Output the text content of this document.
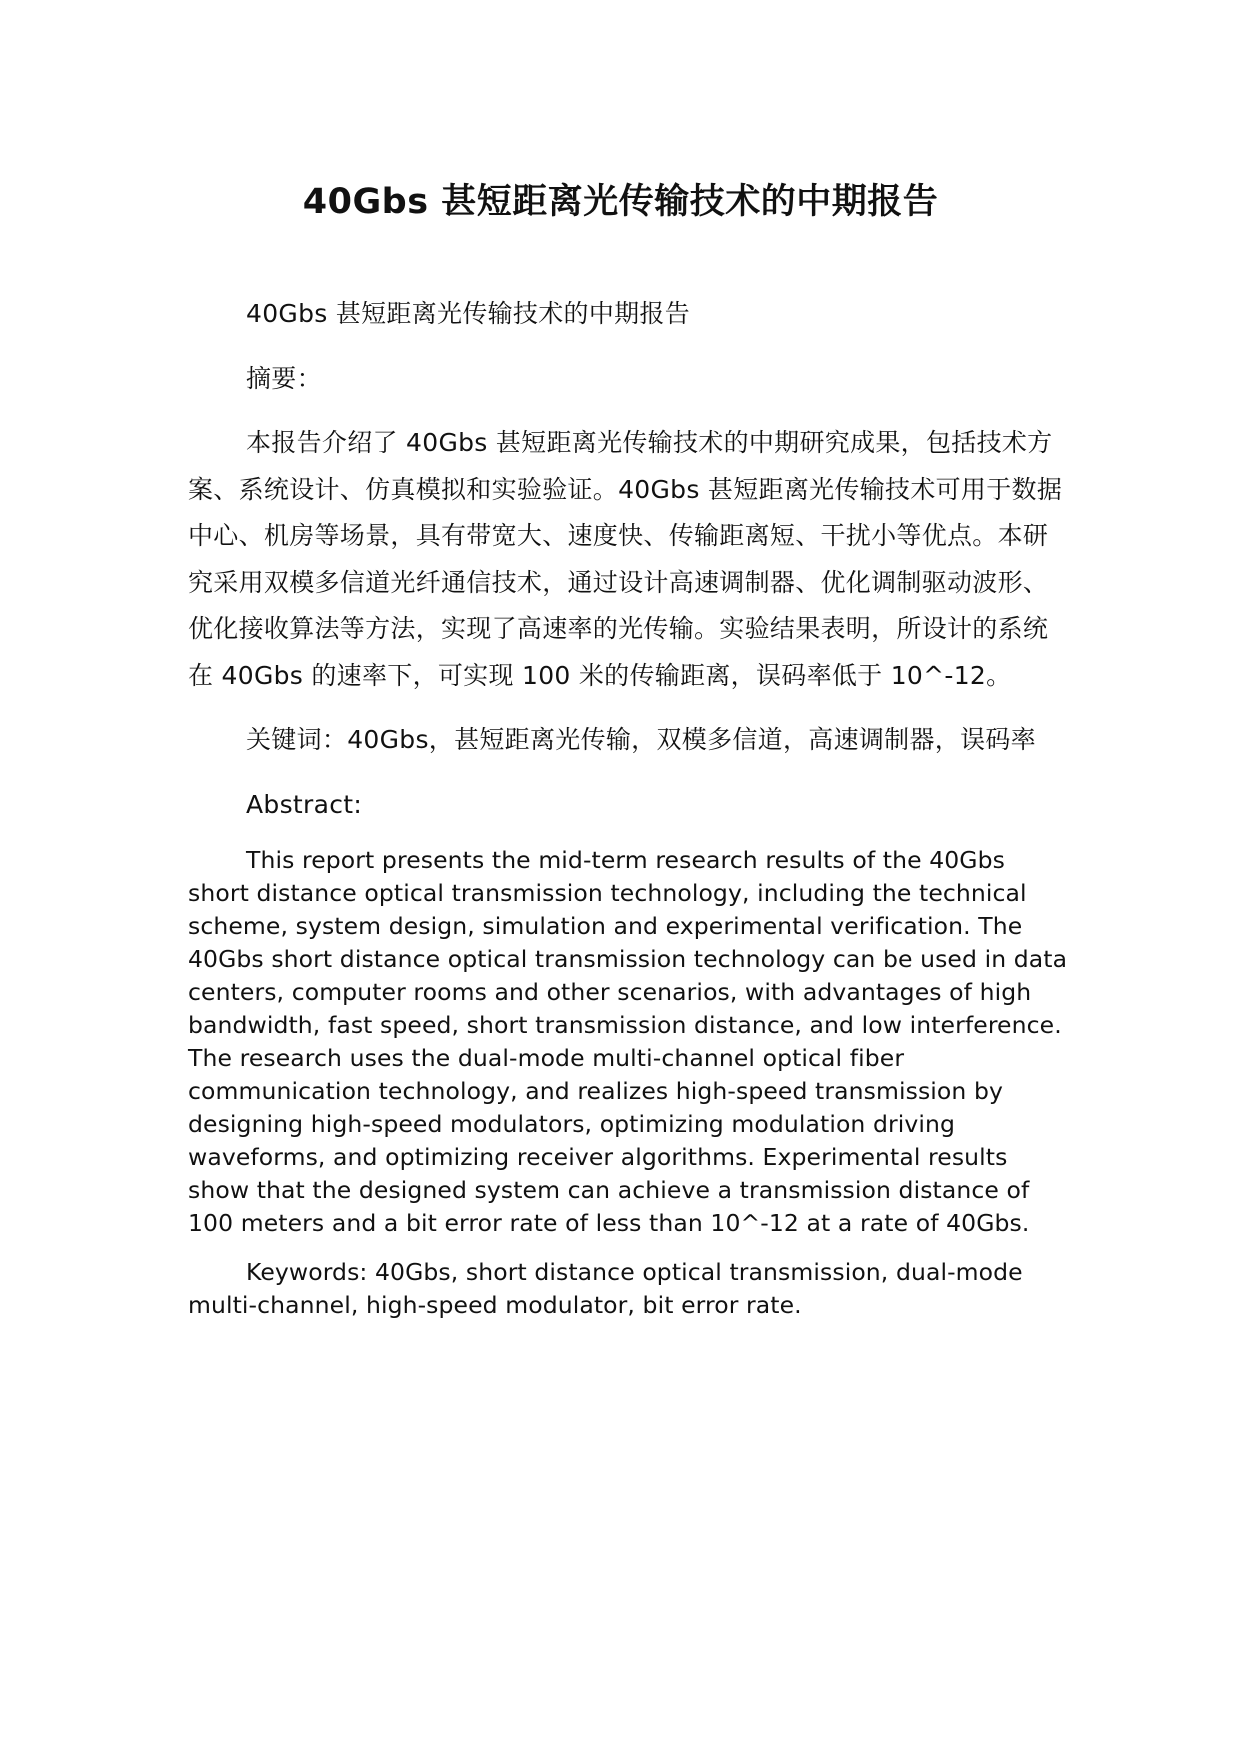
40Gbs 甚短距离光传输技术的中期报告

40Gbs 甚短距离光传输技术的中期报告

摘要：

本报告介绍了 40Gbs 甚短距离光传输技术的中期研究成果，包括技术方案、系统设计、仿真模拟和实验验证。40Gbs 甚短距离光传输技术可用于数据中心、机房等场景，具有带宽大、速度快、传输距离短、干扰小等优点。本研究采用双模多信道光纤通信技术，通过设计高速调制器、优化调制驱动波形、优化接收算法等方法，实现了高速率的光传输。实验结果表明，所设计的系统在 40Gbs 的速率下，可实现 100 米的传输距离，误码率低于 10^-12。

关键词：40Gbs，甚短距离光传输，双模多信道，高速调制器，误码率

Abstract:

This report presents the mid-term research results of the 40Gbs short distance optical transmission technology, including the technical scheme, system design, simulation and experimental verification. The 40Gbs short distance optical transmission technology can be used in data centers, computer rooms and other scenarios, with advantages of high bandwidth, fast speed, short transmission distance, and low interference. The research uses the dual-mode multi-channel optical fiber communication technology, and realizes high-speed transmission by designing high-speed modulators, optimizing modulation driving waveforms, and optimizing receiver algorithms. Experimental results show that the designed system can achieve a transmission distance of 100 meters and a bit error rate of less than 10^-12 at a rate of 40Gbs.

Keywords: 40Gbs, short distance optical transmission, dual-mode multi-channel, high-speed modulator, bit error rate.
